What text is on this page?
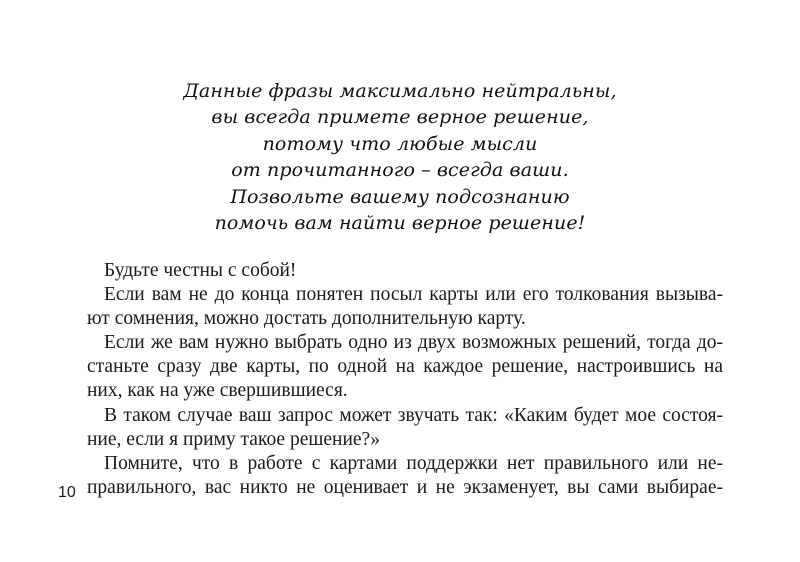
Данные фразы максимально нейтральны,
вы всегда примете верное решение,
потому что любые мысли
от прочитанного – всегда ваши.
Позвольте вашему подсознанию
помочь вам найти верное решение!
Будьте честны с собой!
Если вам не до конца понятен посыл карты или его толкования вызыва-
ют сомнения, можно достать дополнительную карту.
Если же вам нужно выбрать одно из двух возможных решений, тогда до-
станьте сразу две карты, по одной на каждое решение, настроившись на
них, как на уже свершившиеся.
В таком случае ваш запрос может звучать так: «Каким будет мое состоя-
ние, если я приму такое решение?»
Помните, что в работе с картами поддержки нет правильного или не-
правильного, вас никто не оценивает и не экзаменует, вы сами выбирае-
10
